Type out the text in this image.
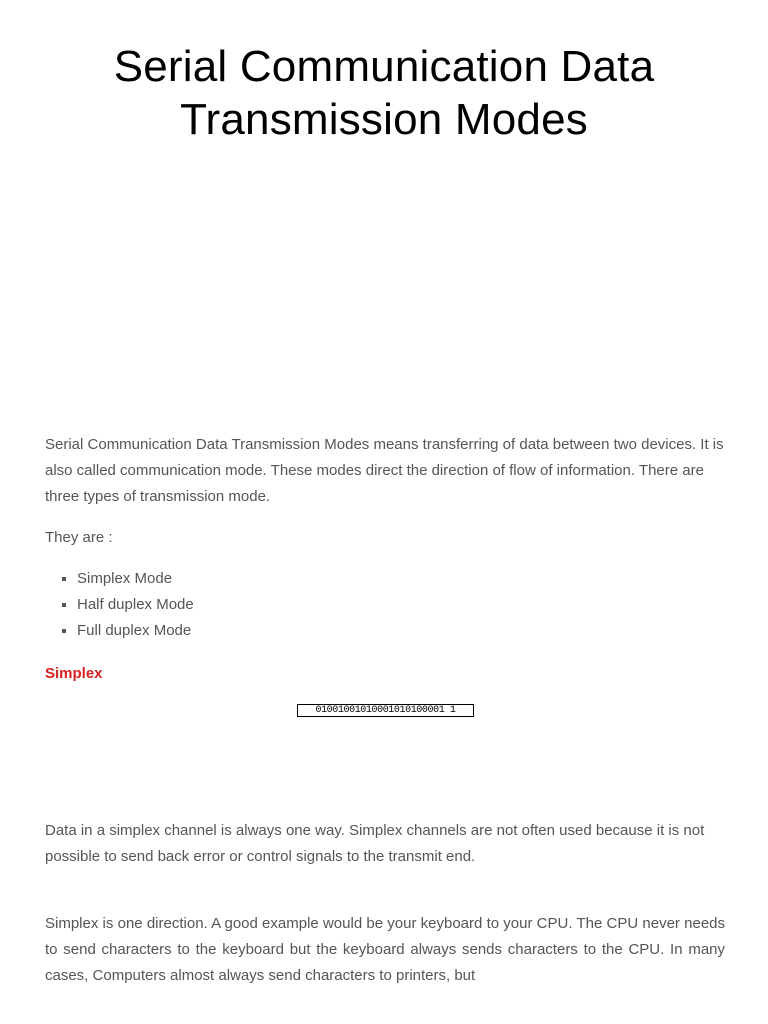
Serial Communication Data Transmission Modes

Serial Communication Data Transmission Modes means transferring of data between two devices. It is also called communication mode. These modes direct the direction of flow of information. There are three types of transmission mode.

They are :

Simplex Mode
Half duplex Mode
Full duplex Mode
Simplex
01001001010001010100001 1

Data in a simplex channel is always one way. Simplex channels are not often used because it is not possible to send back error or control signals to the transmit end.

Simplex is one direction. A good example would be your keyboard to your CPU. The CPU never needs to send characters to the keyboard but the keyboard always sends characters to the CPU. In many cases, Computers almost always send characters to printers, but
